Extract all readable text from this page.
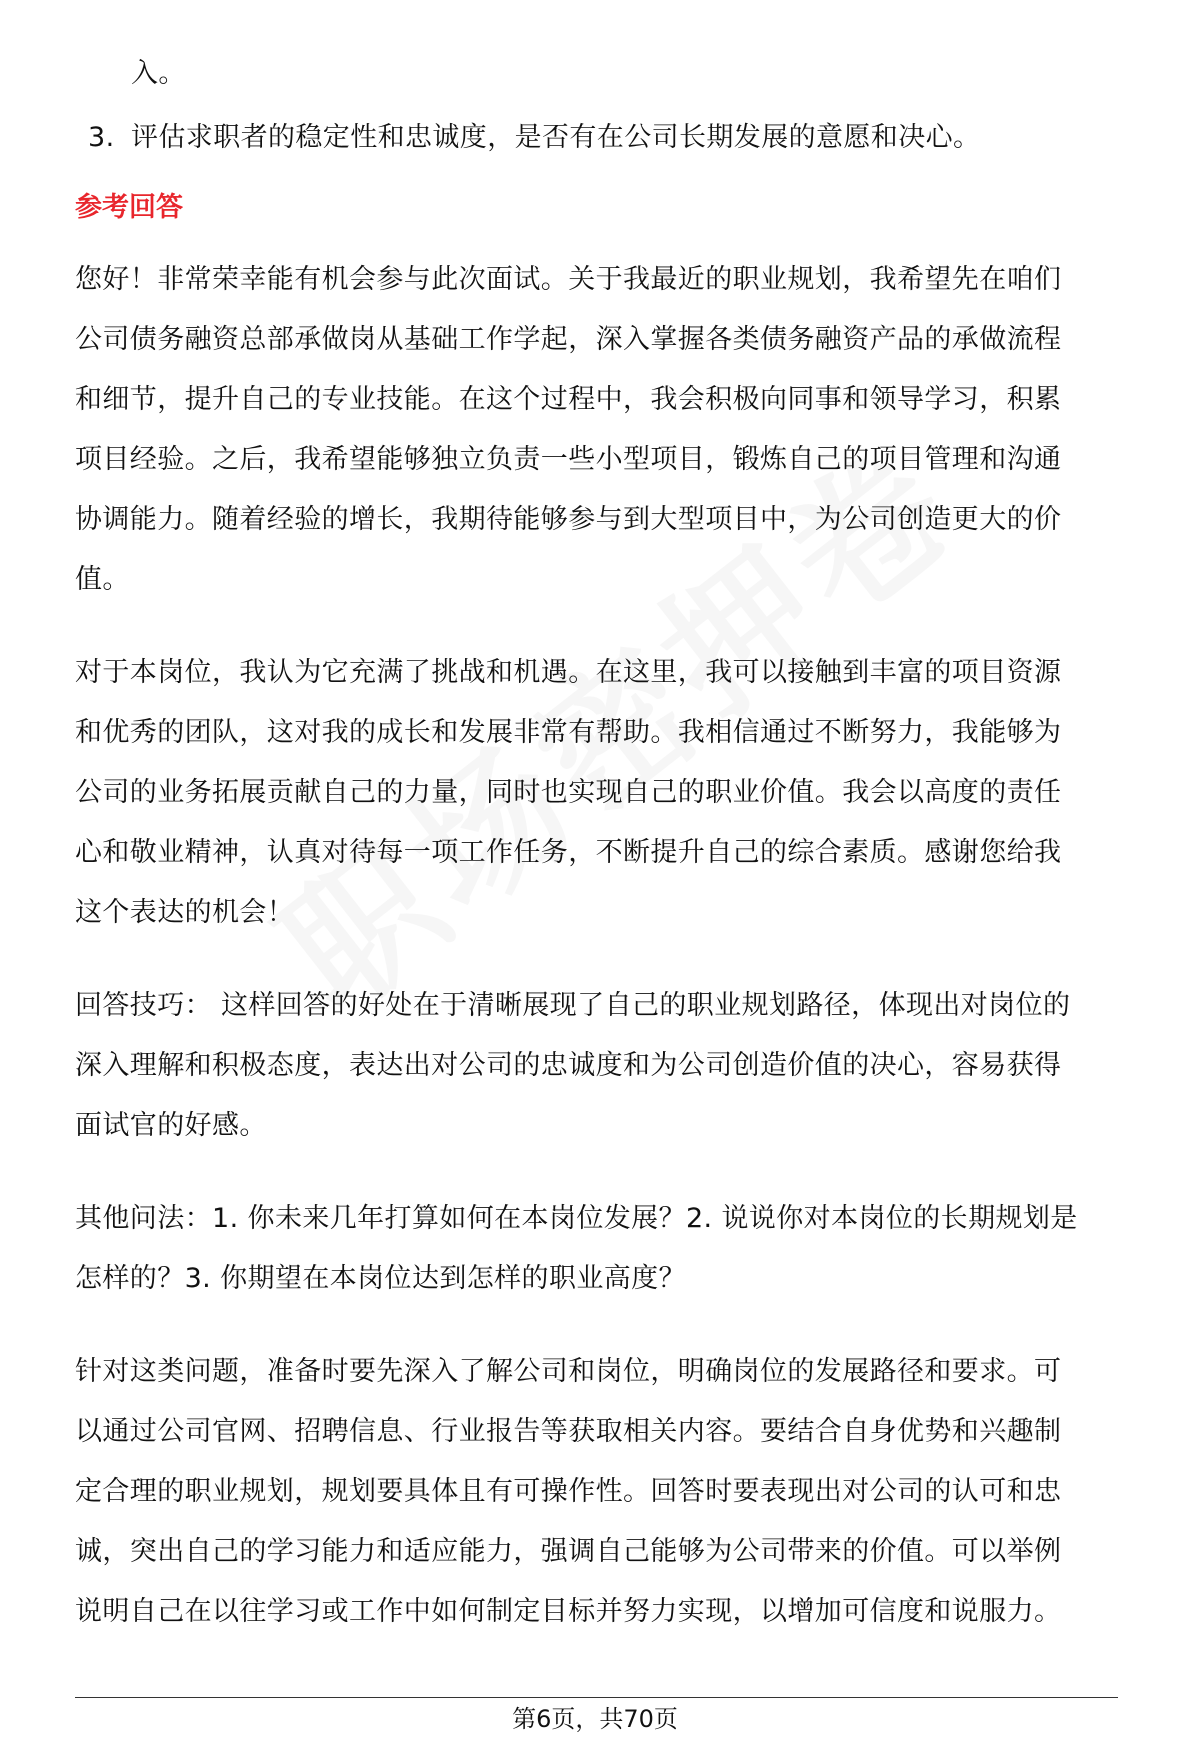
入。
3. 评估求职者的稳定性和忠诚度，是否有在公司长期发展的意愿和决心。
参考回答
您好！非常荣幸能有机会参与此次面试。关于我最近的职业规划，我希望先在咱们
公司债务融资总部承做岗从基础工作学起，深入掌握各类债务融资产品的承做流程
和细节，提升自己的专业技能。在这个过程中，我会积极向同事和领导学习，积累
项目经验。之后，我希望能够独立负责一些小型项目，锻炼自己的项目管理和沟通
协调能力。随着经验的增长，我期待能够参与到大型项目中，为公司创造更大的价
值。
对于本岗位，我认为它充满了挑战和机遇。在这里，我可以接触到丰富的项目资源
和优秀的团队，这对我的成长和发展非常有帮助。我相信通过不断努力，我能够为
公司的业务拓展贡献自己的力量，同时也实现自己的职业价值。我会以高度的责任
心和敬业精神，认真对待每一项工作任务，不断提升自己的综合素质。感谢您给我
这个表达的机会！
回答技巧： 这样回答的好处在于清晰展现了自己的职业规划路径，体现出对岗位的
深入理解和积极态度，表达出对公司的忠诚度和为公司创造价值的决心，容易获得
面试官的好感。
其他问法：1. 你未来几年打算如何在本岗位发展？2. 说说你对本岗位的长期规划是
怎样的？3. 你期望在本岗位达到怎样的职业高度？
针对这类问题，准备时要先深入了解公司和岗位，明确岗位的发展路径和要求。可
以通过公司官网、招聘信息、行业报告等获取相关内容。要结合自身优势和兴趣制
定合理的职业规划，规划要具体且有可操作性。回答时要表现出对公司的认可和忠
诚，突出自己的学习能力和适应能力，强调自己能够为公司带来的价值。可以举例
说明自己在以往学习或工作中如何制定目标并努力实现，以增加可信度和说服力。
第6页，共70页
